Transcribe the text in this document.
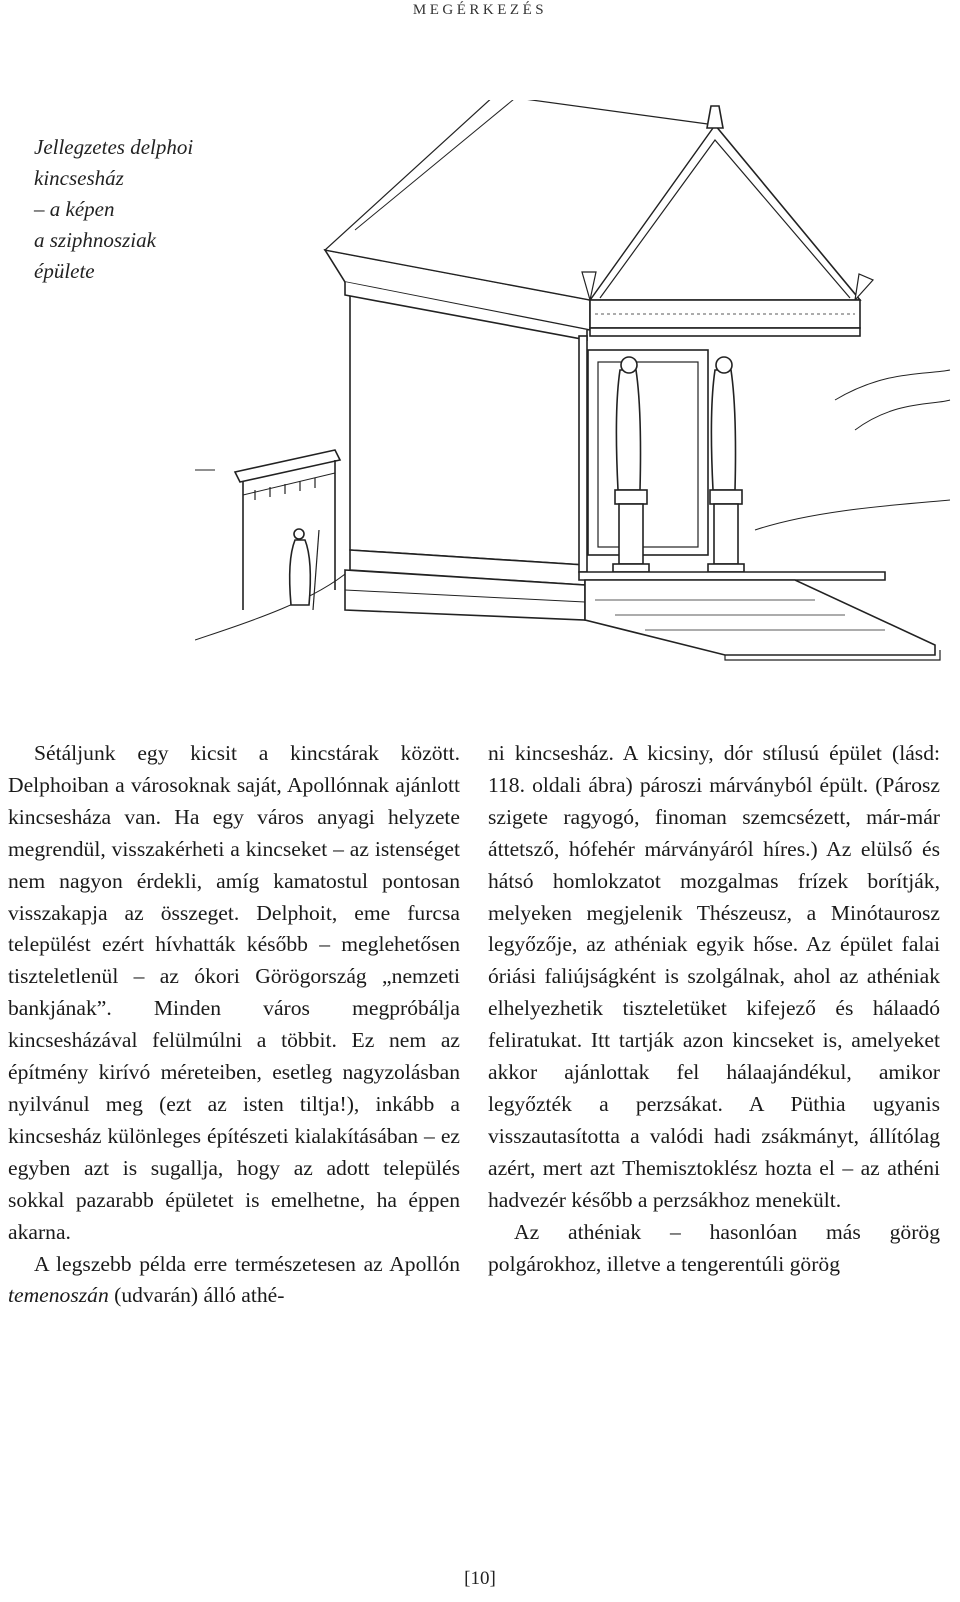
MEGÉRKEZÉS
Jellegzetes delphoi
kincsesház
– a képen
a sziphnosziak
épülete

Sétáljunk egy kicsit a kincstárak között. Delphoiban a városoknak saját, Apollónnak ajánlott kincsesháza van. Ha egy város anyagi helyzete megrendül, visszakérheti a kincseket – az istenséget nem nagyon érdekli, amíg kamatostul pontosan visszakapja az összeget. Delphoit, eme furcsa települést ezért hívhatták később – meglehetősen tiszteletlenül – az ókori Görögország „nemzeti bankjának”. Minden város megpróbálja kincsesházával felülmúlni a többit. Ez nem az építmény kirívó méreteiben, esetleg nagyzolásban nyilvánul meg (ezt az isten tiltja!), inkább a kincsesház különleges építészeti kialakításában – ez egyben azt is sugallja, hogy az adott település sokkal pazarabb épületet is emelhetne, ha éppen akarna.

A legszebb példa erre természetesen az Apollón temenoszán (udvarán) álló athé-

ni kincsesház. A kicsiny, dór stílusú épület (lásd: 118. oldali ábra) pároszi márványból épült. (Párosz szigete ragyogó, finoman szemcsézett, már-már áttetsző, hófehér márványáról híres.) Az elülső és hátsó homlokzatot mozgalmas frízek borítják, melyeken megjelenik Thészeusz, a Minótaurosz legyőzője, az athéniak egyik hőse. Az épület falai óriási faliújságként is szolgálnak, ahol az athéniak elhelyezhetik tiszteletüket kifejező és hálaadó feliratukat. Itt tartják azon kincseket is, amelyeket akkor ajánlottak fel hálaajándékul, amikor legyőzték a perzsákat. A Püthia ugyanis visszautasította a valódi hadi zsákmányt, állítólag azért, mert azt Themisztoklész hozta el – az athéni hadvezér később a perzsákhoz menekült.

Az athéniak – hasonlóan más görög polgárokhoz, illetve a tengerentúli görög

[10]
